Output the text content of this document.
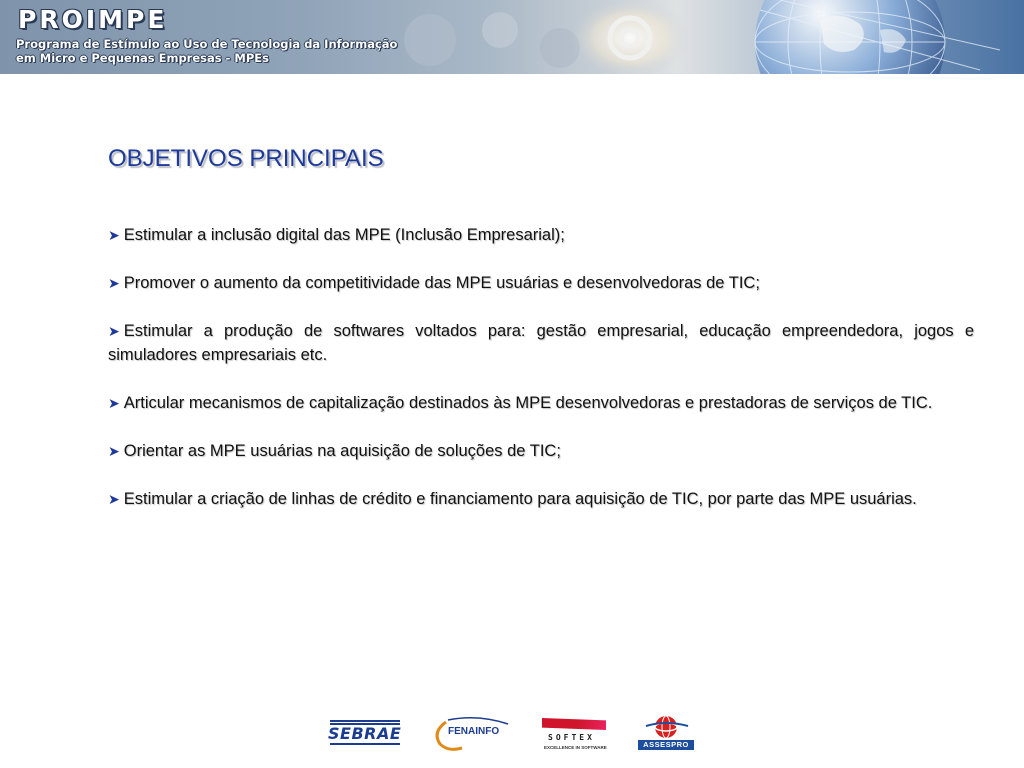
PROIMPE
Programa de Estímulo ao Uso de Tecnologia da Informação
em Micro e Pequenas Empresas - MPEs
OBJETIVOS PRINCIPAIS
➤ Estimular a inclusão digital das MPE (Inclusão Empresarial);
➤ Promover o aumento da competitividade das MPE usuárias e desenvolvedoras de TIC;
➤ Estimular a produção de softwares voltados para: gestão empresarial, educação empreendedora, jogos e simuladores empresariais etc.
➤ Articular mecanismos de capitalização destinados às MPE desenvolvedoras e prestadoras de serviços de TIC.
➤ Orientar as MPE usuárias na aquisição de soluções de TIC;
➤ Estimular a criação de linhas de crédito e financiamento para aquisição de TIC, por parte das MPE usuárias.
SEBRAE	FENAINFO
SOFTEX
EXCELLENCE IN SOFTWARE	ASSESPRO
